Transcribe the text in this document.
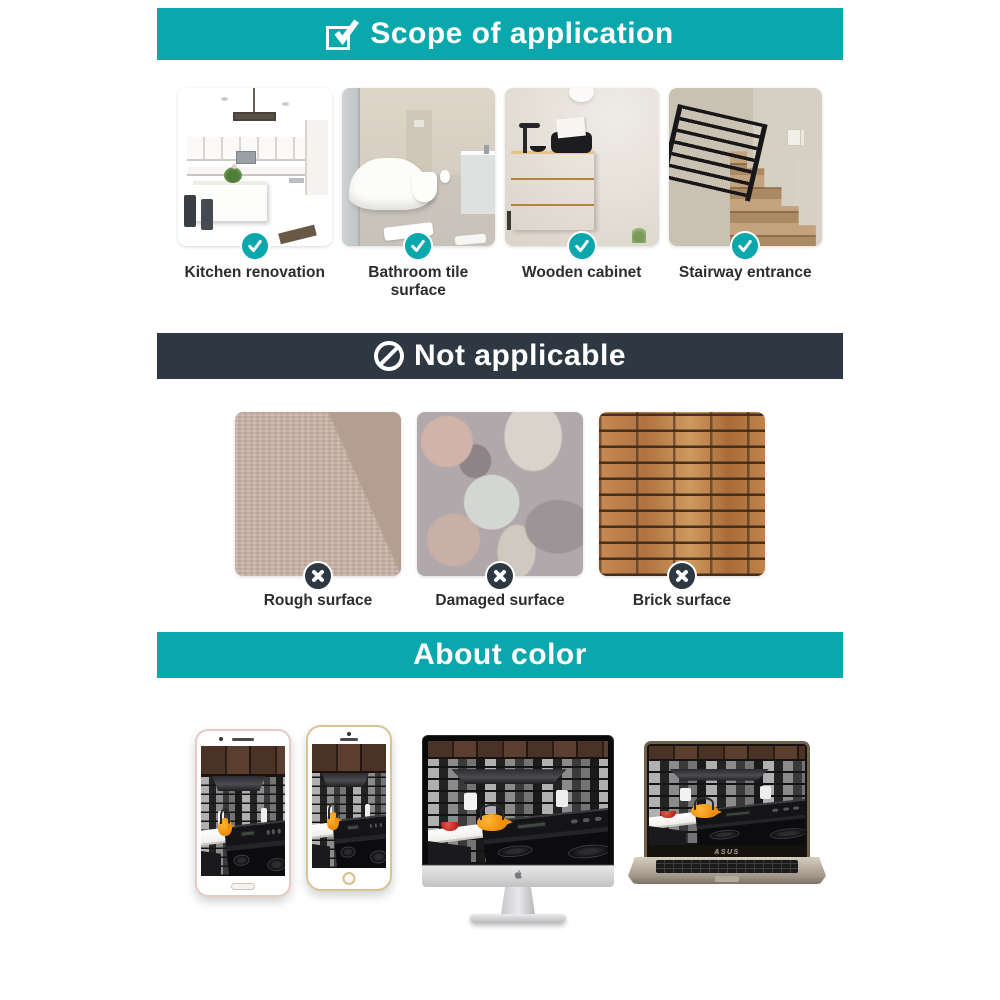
Scope of application
Kitchen renovation	Bathroom tile surface
Wooden cabinet	Stairway entrance
Not applicable
Rough surface	Damaged surface	Brick surface
About color
ASUS
